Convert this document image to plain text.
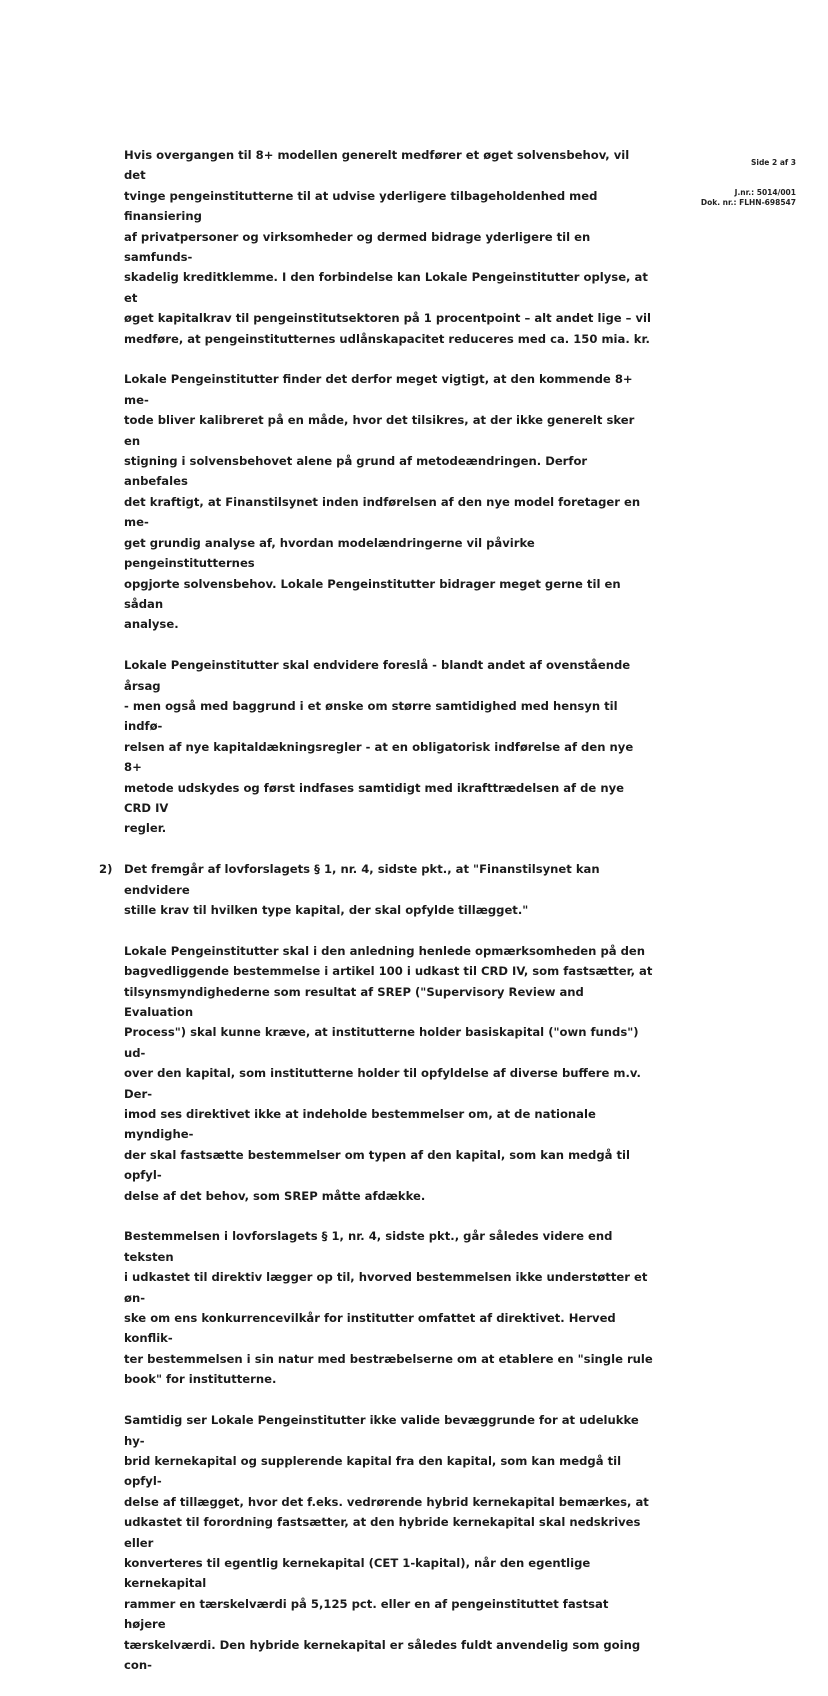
Side 2 af 3
J.nr.: 5014/001
Dok. nr.: FLHN-698547
Hvis overgangen til 8+ modellen generelt medfører et øget solvensbehov, vil det
tvinge pengeinstitutterne til at udvise yderligere tilbageholdenhed med finansiering
af privatpersoner og virksomheder og dermed bidrage yderligere til en samfunds-
skadelig kreditklemme. I den forbindelse kan Lokale Pengeinstitutter oplyse, at et
øget kapitalkrav til pengeinstitutsektoren på 1 procentpoint – alt andet lige – vil
medføre, at pengeinstitutternes udlånskapacitet reduceres med ca. 150 mia. kr.
Lokale Pengeinstitutter finder det derfor meget vigtigt, at den kommende 8+ me-
tode bliver kalibreret på en måde, hvor det tilsikres, at der ikke generelt sker en
stigning i solvensbehovet alene på grund af metodeændringen. Derfor anbefales
det kraftigt, at Finanstilsynet inden indførelsen af den nye model foretager en me-
get grundig analyse af, hvordan modelændringerne vil påvirke pengeinstitutternes
opgjorte solvensbehov. Lokale Pengeinstitutter bidrager meget gerne til en sådan
analyse.
Lokale Pengeinstitutter skal endvidere foreslå - blandt andet af ovenstående årsag
- men også med baggrund i et ønske om større samtidighed med hensyn til indfø-
relsen af nye kapitaldækningsregler - at en obligatorisk indførelse af den nye 8+
metode udskydes og først indfases samtidigt med ikrafttrædelsen af de nye CRD IV
regler.
2) Det fremgår af lovforslagets § 1, nr. 4, sidste pkt., at "Finanstilsynet kan endvidere
stille krav til hvilken type kapital, der skal opfylde tillægget."
Lokale Pengeinstitutter skal i den anledning henlede opmærksomheden på den
bagvedliggende bestemmelse i artikel 100 i udkast til CRD IV, som fastsætter, at
tilsynsmyndighederne som resultat af SREP ("Supervisory Review and Evaluation
Process") skal kunne kræve, at institutterne holder basiskapital ("own funds") ud-
over den kapital, som institutterne holder til opfyldelse af diverse buffere m.v. Der-
imod ses direktivet ikke at indeholde bestemmelser om, at de nationale myndighe-
der skal fastsætte bestemmelser om typen af den kapital, som kan medgå til opfyl-
delse af det behov, som SREP måtte afdække.
Bestemmelsen i lovforslagets § 1, nr. 4, sidste pkt., går således videre end teksten
i udkastet til direktiv lægger op til, hvorved bestemmelsen ikke understøtter et øn-
ske om ens konkurrencevilkår for institutter omfattet af direktivet. Herved konflik-
ter bestemmelsen i sin natur med bestræbelserne om at etablere en "single rule
book" for institutterne.
Samtidig ser Lokale Pengeinstitutter ikke valide bevæggrunde for at udelukke hy-
brid kernekapital og supplerende kapital fra den kapital, som kan medgå til opfyl-
delse af tillægget, hvor det f.eks. vedrørende hybrid kernekapital bemærkes, at
udkastet til forordning fastsætter, at den hybride kernekapital skal nedskrives eller
konverteres til egentlig kernekapital (CET 1-kapital), når den egentlige kernekapital
rammer en tærskelværdi på 5,125 pct. eller en af pengeinstituttet fastsat højere
tærskelværdi. Den hybride kernekapital er således fuldt anvendelig som going con-
